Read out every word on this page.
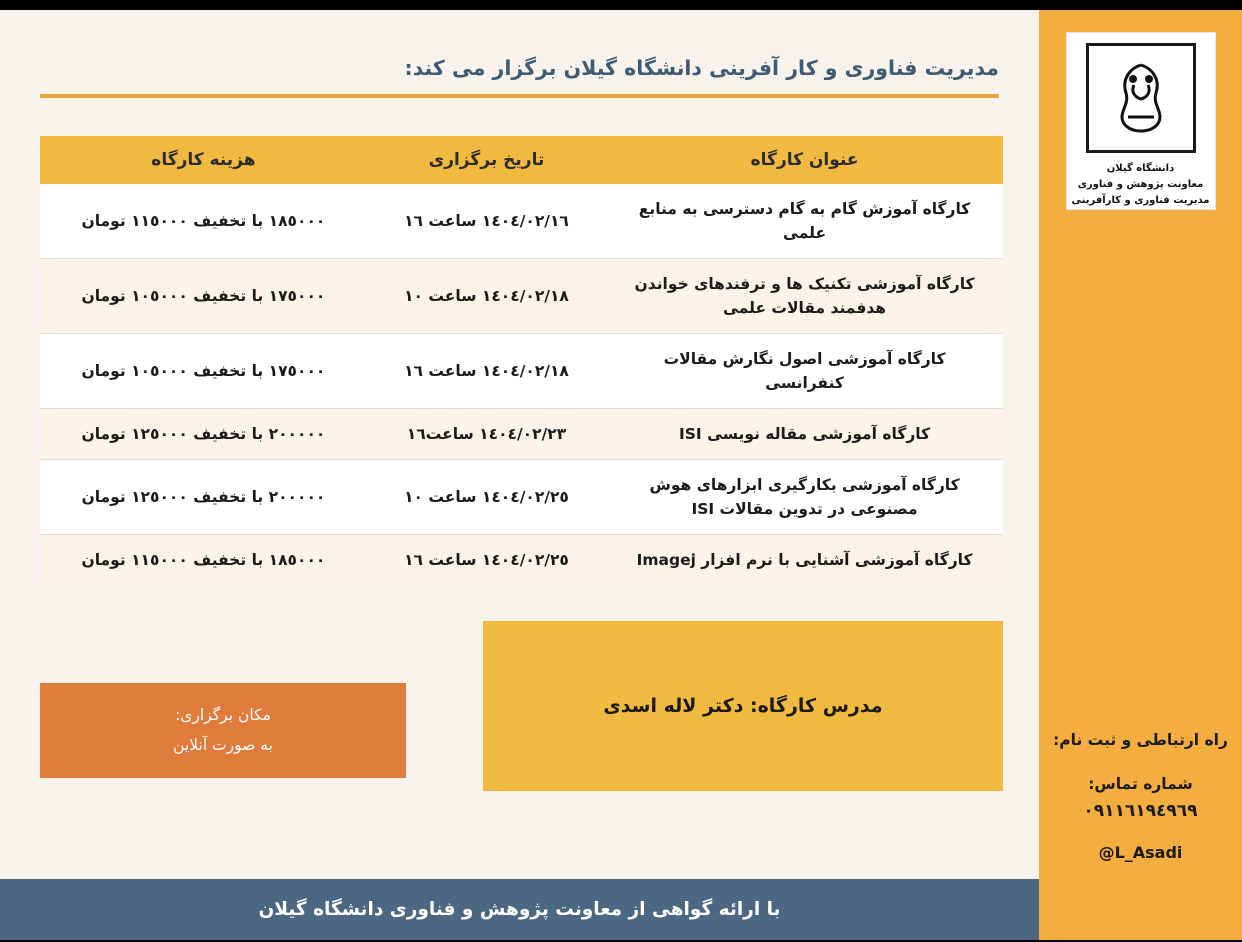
مدیریت فناوری و کار آفرینی دانشگاه گیلان برگزار می کند:
عنوان کارگاه	تاریخ برگزاری	هزینه کارگاه
کارگاه آموزش گام به گام دسترسی به منابع علمی	١٤٠٤/٠٢/١٦ ساعت ١٦	١٨٥٠٠٠ با تخفیف ١١٥٠٠٠ تومان
کارگاه آموزشی تکنیک ها و ترفندهای خواندن هدفمند مقالات علمی	١٤٠٤/٠٢/١٨ ساعت ١٠	١٧٥٠٠٠ با تخفیف ١٠٥٠٠٠ تومان
کارگاه آموزشی اصول نگارش مقالات کنفرانسی	١٤٠٤/٠٢/١٨ ساعت ١٦	١٧٥٠٠٠ با تخفیف ١٠٥٠٠٠ تومان
کارگاه آموزشی مقاله نویسی ISI	١٤٠٤/٠٢/٢٣ ساعت١٦	٢٠٠٠٠٠ با تخفیف ١٢٥٠٠٠ تومان
کارگاه آموزشی بکارگیری ابزارهای هوش مصنوعی در تدوین مقالات ISI	١٤٠٤/٠٢/٢٥ ساعت ١٠	٢٠٠٠٠٠ با تخفیف ١٢٥٠٠٠ تومان
کارگاه آموزشی آشنایی با نرم افزار Imagej	١٤٠٤/٠٢/٢٥ ساعت ١٦	١٨٥٠٠٠ با تخفیف ١١٥٠٠٠ تومان
مدرس کارگاه: دکتر لاله اسدی
مکان برگزاری:
به صورت آنلاین
با ارائه گواهی از معاونت پژوهش و فناوری دانشگاه گیلان
دانشگاه گیلان
معاونت پژوهش و فناوری
مدیریت فناوری و کارآفرینی
راه ارتباطی و ثبت نام:
شماره تماس:
٠٩١١٦١٩٤٩٦٩
@L_Asadi
